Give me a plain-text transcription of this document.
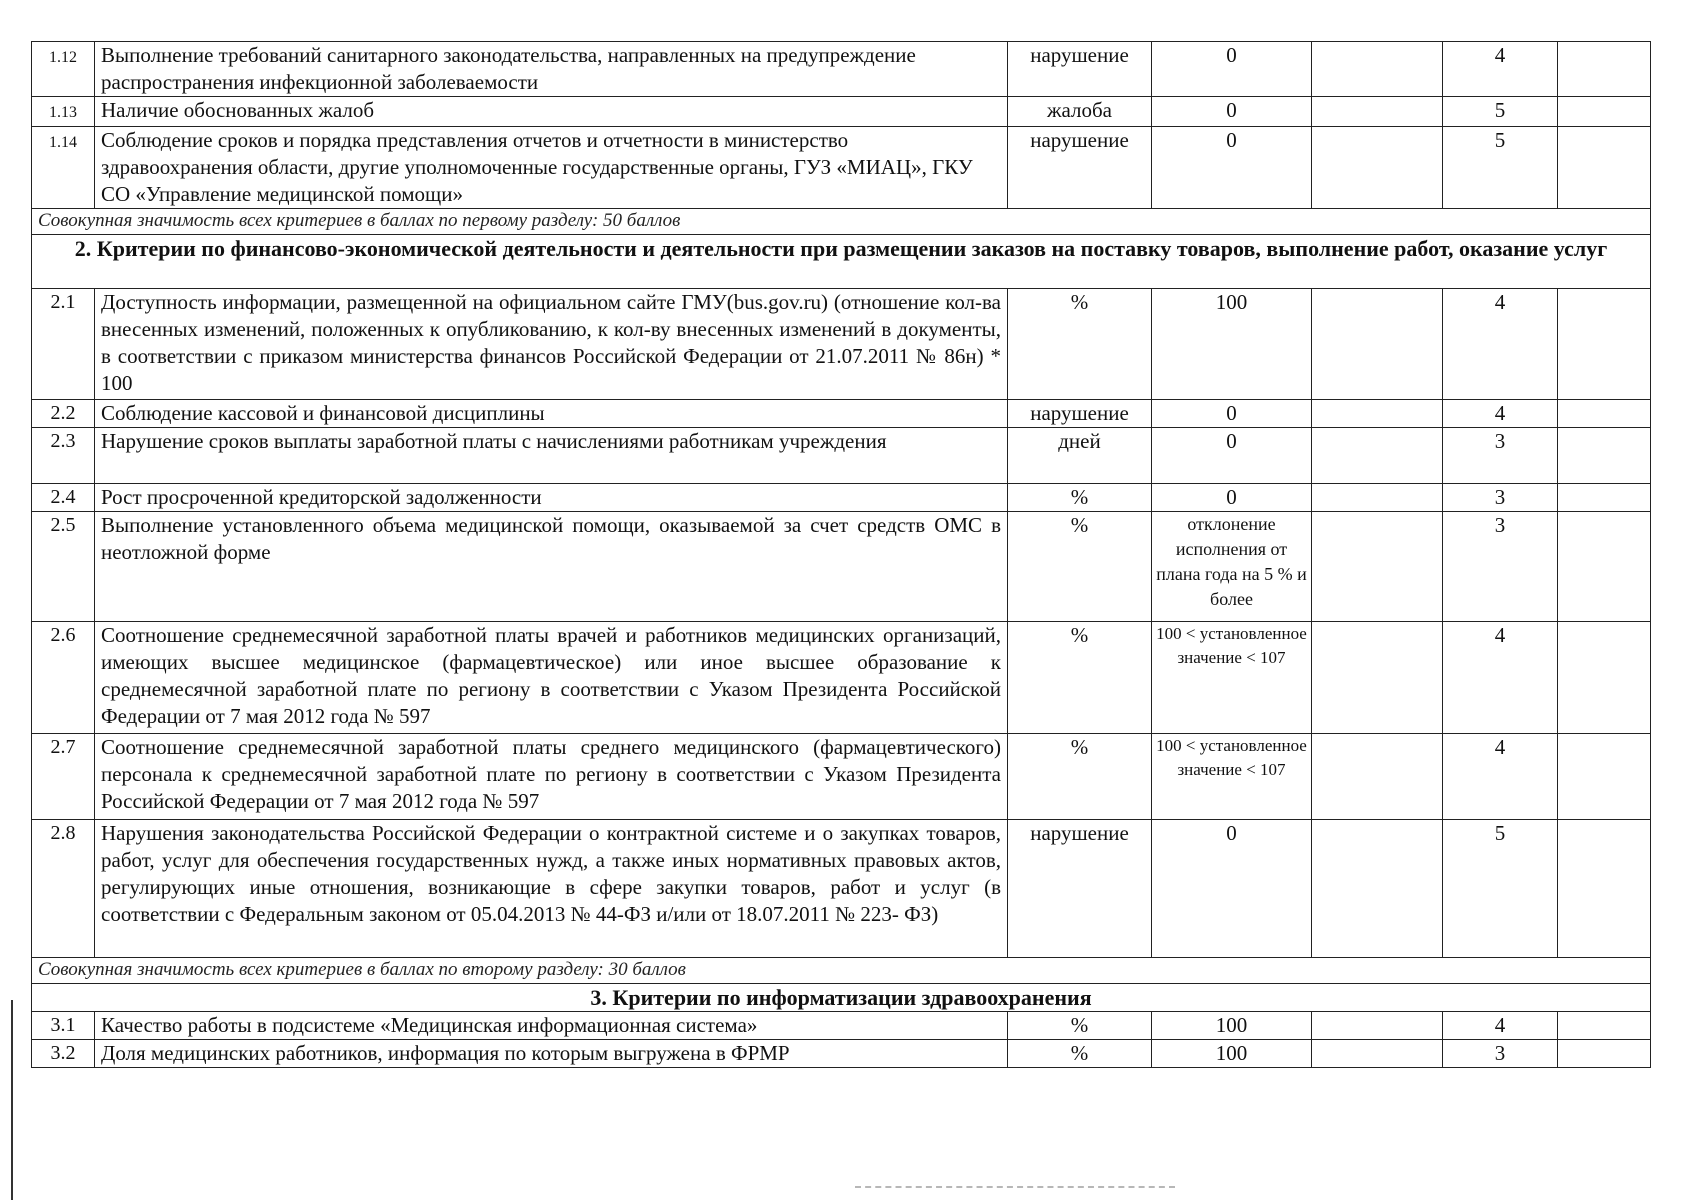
1.12	Выполнение требований санитарного законодательства, направленных на предупреждение распространения инфекционной заболеваемости	нарушение	0		4	
1.13	Наличие обоснованных жалоб	жалоба	0		5	
1.14	Соблюдение сроков и порядка представления отчетов и отчетности в министерство здравоохранения области, другие уполномоченные государственные органы, ГУЗ «МИАЦ», ГКУ СО «Управление медицинской помощи»	нарушение	0		5	
Совокупная значимость всех критериев в баллах по первому разделу: 50 баллов						
2. Критерии по финансово-экономической деятельности и деятельности при размещении заказов на поставку товаров, выполнение работ, оказание услуг						
2.1	Доступность информации, размещенной на официальном сайте ГМУ(bus.gov.ru) (отношение кол-ва внесенных изменений, положенных к опубликованию, к кол-ву внесенных изменений в документы, в соответствии с приказом министерства финансов Российской Федерации от 21.07.2011 № 86н) * 100	%	100		4	
2.2	Соблюдение кассовой и финансовой дисциплины	нарушение	0		4	
2.3	Нарушение сроков выплаты заработной платы с начислениями работникам учреждения	дней	0		3	
2.4	Рост просроченной кредиторской задолженности	%	0		3	
2.5	Выполнение установленного объема медицинской помощи, оказываемой за счет средств ОМС в неотложной форме	%	отклонение исполнения от плана года на 5 % и более		3	
2.6	Соотношение среднемесячной заработной платы врачей и работников медицинских организаций, имеющих высшее медицинское (фармацевтическое) или иное высшее образование к среднемесячной заработной плате по региону в соответствии с Указом Президента Российской Федерации от 7 мая 2012 года № 597	%	100 < установленное значение < 107		4	
2.7	Соотношение среднемесячной заработной платы среднего медицинского (фармацевтического) персонала к среднемесячной заработной плате по региону в соответствии с Указом Президента Российской Федерации от 7 мая 2012 года № 597	%	100 < установленное значение < 107		4	
2.8	Нарушения законодательства Российской Федерации о контрактной системе и о закупках товаров, работ, услуг для обеспечения государственных нужд, а также иных нормативных правовых актов, регулирующих иные отношения, возникающие в сфере закупки товаров, работ и услуг (в соответствии с Федеральным законом от 05.04.2013 № 44-ФЗ и/или от 18.07.2011 № 223- ФЗ)	нарушение	0		5	
Совокупная значимость всех критериев в баллах по второму разделу: 30 баллов						
3. Критерии по информатизации здравоохранения						
3.1	Качество работы в подсистеме «Медицинская информационная система»	%	100		4	
3.2	Доля медицинских работников, информация по которым выгружена в ФРМР	%	100		3	
